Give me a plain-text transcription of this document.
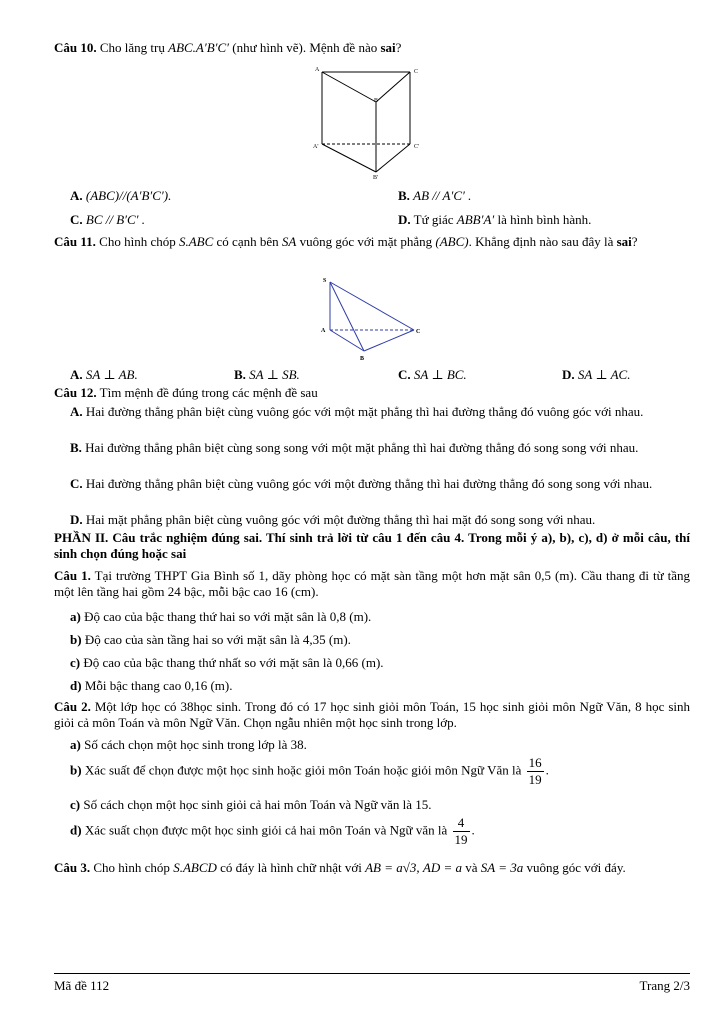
Câu 10. Cho lăng trụ ABC.A′B′C′ (như hình vẽ). Mệnh đề nào sai?
A	C
B
A'	C'
B'
A. (ABC)//(A′B′C′).	B. AB // A′C′ .
C. BC // B′C′ .	D. Tứ giác ABB′A′ là hình bình hành.
Câu 11. Cho hình chóp S.ABC có cạnh bên SA vuông góc với mặt phẳng (ABC). Khẳng định nào sau đây là sai?
S
A
B
C
A. SA ⊥ AB.	B. SA ⊥ SB.	C. SA ⊥ BC.	D. SA ⊥ AC.
Câu 12. Tìm mệnh đề đúng trong các mệnh đề sau
A. Hai đường thẳng phân biệt cùng vuông góc với một mặt phẳng thì hai đường thẳng đó vuông góc với nhau.
B. Hai đường thẳng phân biệt cùng song song với một mặt phẳng thì hai đường thẳng đó song song với nhau.
C. Hai đường thẳng phân biệt cùng vuông góc với một đường thẳng thì hai đường thẳng đó song song với nhau.
D. Hai mặt phẳng phân biệt cùng vuông góc với một đường thẳng thì hai mặt đó song song với nhau.
PHẦN II. Câu trắc nghiệm đúng sai. Thí sinh trả lời từ câu 1 đến câu 4. Trong mỗi ý a), b), c), d) ở mỗi câu, thí sinh chọn đúng hoặc sai
Câu 1. Tại trường THPT Gia Bình số 1, dãy phòng học có mặt sàn tầng một hơn mặt sân 0,5 (m). Cầu thang đi từ tầng một lên tầng hai gồm 24 bậc, mỗi bậc cao 16 (cm).
a) Độ cao của bậc thang thứ hai so với mặt sân là 0,8 (m).
b) Độ cao của sàn tầng hai so với mặt sân là 4,35 (m).
c) Độ cao của bậc thang thứ nhất so với mặt sân là 0,66 (m).
d) Mỗi bậc thang cao 0,16 (m).
Câu 2. Một lớp học có 38học sinh. Trong đó có 17 học sinh giỏi môn Toán, 15 học sinh giỏi môn Ngữ Văn, 8 học sinh giỏi cả môn Toán và môn Ngữ Văn. Chọn ngẫu nhiên một học sinh trong lớp.
a) Số cách chọn một học sinh trong lớp là 38.
b) Xác suất để chọn được một học sinh hoặc giỏi môn Toán hoặc giỏi môn Ngữ Văn là $\frac{16}{19}$ .
c) Số cách chọn một học sinh giỏi cả hai môn Toán và Ngữ văn là 15.
d) Xác suất chọn được một học sinh giỏi cả hai môn Toán và Ngữ văn là $\frac{4}{19}$ .
Câu 3. Cho hình chóp S.ABCD có đáy là hình chữ nhật với AB = a√3, AD = a và SA = 3a vuông góc với đáy.
Mã đề 112	Trang 2/3
